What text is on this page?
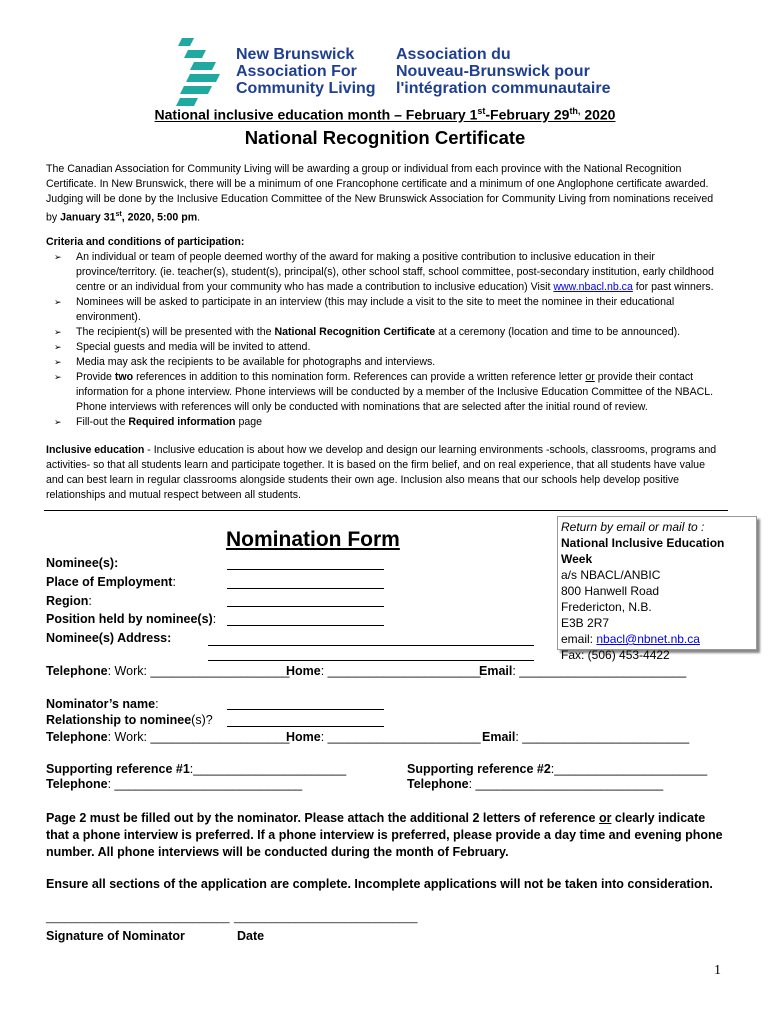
New Brunswick
Association For
Community Living
Association du
Nouveau-Brunswick pour
l'intégration communautaire
National inclusive education month – February 1st-February $29^{th,}$ 2020
National Recognition Certificate
The Canadian Association for Community Living will be awarding a group or individual from each province with the National Recognition Certificate. In New Brunswick, there will be a minimum of one Francophone certificate and a minimum of one Anglophone certificate awarded. Judging will be done by the Inclusive Education Committee of the New Brunswick Association for Community Living from nominations received by January 31st, 2020, 5:00 pm.
Criteria and conditions of participation:
➢ An individual or team of people deemed worthy of the award for making a positive contribution to inclusive education in their province/territory. (ie. teacher(s), student(s), principal(s), other school staff, school committee, post-secondary institution, early childhood centre or an individual from your community who has made a contribution to inclusive education) Visit www.nbacl.nb.ca for past winners.
➢ Nominees will be asked to participate in an interview (this may include a visit to the site to meet the nominee in their educational environment).
➢ The recipient(s) will be presented with the National Recognition Certificate at a ceremony (location and time to be announced).
➢ Special guests and media will be invited to attend.
➢ Media may ask the recipients to be available for photographs and interviews.
➢ Provide two references in addition to this nomination form. References can provide a written reference letter or provide their contact information for a phone interview. Phone interviews will be conducted by a member of the Inclusive Education Committee of the NBACL. Phone interviews with references will only be conducted with nominations that are selected after the initial round of review.
➢ Fill-out the Required information page
Inclusive education - Inclusive education is about how we develop and design our learning environments -schools, classrooms, programs and activities- so that all students learn and participate together. It is based on the firm belief, and on real experience, that all students have value and can best learn in regular classrooms alongside students their own age. Inclusion also means that our schools help develop positive relationships and mutual respect between all students.
Return by email or mail to :
National Inclusive Education Week
a/s NBACL/ANBIC
800 Hanwell Road
Fredericton, N.B.
E3B 2R7
email: nbacl@nbnet.nb.ca
Fax: (506) 453-4422
Nomination Form
Nominee(s):
Place of Employment:
Region:
Position held by nominee(s):
Nominee(s) Address:
Telephone: Work: ____________________
Home: ______________________
Email: ________________________
Nominator’s name:
Relationship to nominee(s)?
Telephone: Work: ____________________
Home: ______________________ Email: ________________________
Supporting reference #1:______________________
Telephone: ___________________________
Supporting reference #2:______________________
Telephone: ___________________________
Page 2 must be filled out by the nominator. Please attach the additional 2 letters of reference or clearly indicate that a phone interview is preferred. If a phone interview is preferred, please provide a day time and evening phone number. All phone interviews will be conducted during the month of February.
Ensure all sections of the application are complete. Incomplete applications will not be taken into consideration.
______________________________ ______________________________
Signature of Nominator	Date
1
